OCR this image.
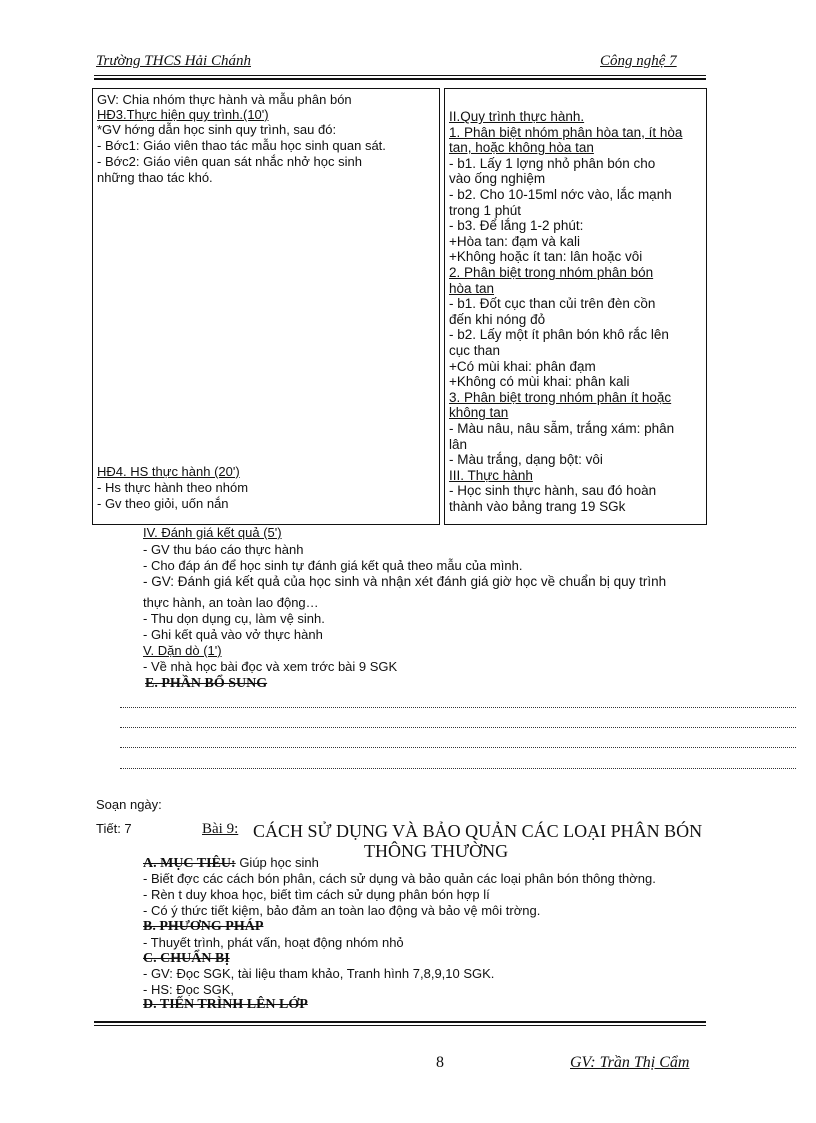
Trường THCS Hải Chánh	Công nghệ 7
GV: Chia nhóm thực hành và mẫu phân bón
HĐ3.Thực hiện quy trình.(10')
*GV hớng dẫn học sinh quy trình, sau đó:
- Bớc1: Giáo viên thao tác mẫu học sinh quan sát.
- Bớc2: Giáo viên quan sát nhắc nhở học sinh
những thao tác khó.
HĐ4. HS thực hành (20')
- Hs thực hành theo nhóm
- Gv theo giỏi, uốn nắn

II.Quy trình thực hành.
1. Phân biệt nhóm phân hòa tan, ít hòa
tan, hoặc không hòa tan
- b1. Lấy 1 lợng nhỏ phân bón cho
vào ống nghiệm
- b2. Cho 10-15ml nớc vào, lắc mạnh
trong 1 phút
- b3. Để lắng 1-2 phút:
+Hòa tan: đạm và kali
+Không hoặc ít tan: lân hoặc vôi
2. Phân biệt trong nhóm phân bón
hòa tan
- b1. Đốt cục than củi trên đèn cồn
đến khi nóng đỏ
- b2. Lấy một ít phân bón khô rắc lên
cục than
+Có mùi khai: phân đạm
+Không có mùi khai: phân kali
3. Phân biệt trong nhóm phân ít hoặc
không tan
- Màu nâu, nâu sẫm, trắng xám: phân
lân
- Màu trắng, dạng bột: vôi
III. Thực hành
- Học sinh thực hành, sau đó hoàn
thành vào bảng trang 19 SGk
IV. Đánh giá kết quả (5')
- GV thu báo cáo thực hành
- Cho đáp án để học sinh tự đánh giá kết quả theo mẫu của mình.
- GV: Đánh giá kết quả của học sinh và nhận xét đánh giá giờ học về chuẩn bị quy trình
thực hành, an toàn lao động…
- Thu dọn dụng cụ, làm vệ sinh.
- Ghi kết quả vào vở thực hành
V. Dặn dò (1')
- Về nhà học bài đọc và xem trớc bài 9 SGK
E. PHẦN BỔ SUNG
Soạn ngày:
Tiết: 7	Bài 9: CÁCH SỬ DỤNG VÀ BẢO QUẢN CÁC LOẠI PHÂN BÓN
THÔNG THƯỜNG
A. MỤC TIÊU: Giúp học sinh
- Biết đợc các cách bón phân, cách sử dụng và bảo quản các loại phân bón thông thờng.
- Rèn t duy khoa học, biết tìm cách sử dụng phân bón hợp lí
- Có ý thức tiết kiệm, bảo đảm an toàn lao động và bảo vệ môi trờng.
B. PHƯƠNG PHÁP
- Thuyết trình, phát vấn, hoạt động nhóm nhỏ
C. CHUẨN BỊ
- GV: Đọc SGK, tài liệu tham khảo, Tranh hình 7,8,9,10 SGK.
- HS: Đọc SGK,
D. TIẾN TRÌNH LÊN LỚP
8	GV: Trần Thị Cẩm
